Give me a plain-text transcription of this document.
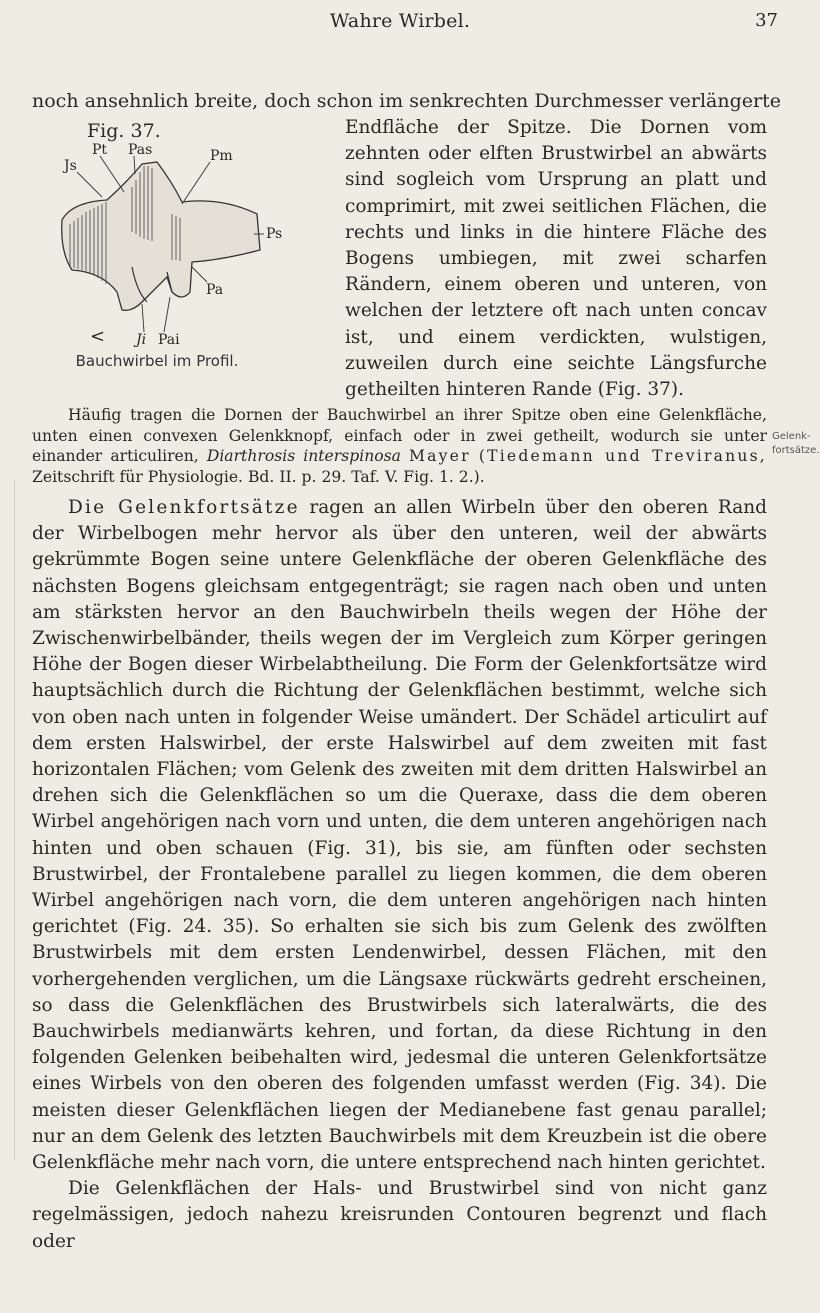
Wahre Wirbel.	37
noch ansehnlich breite, doch schon im senkrechten Durchmesser verlängerte
Fig. 37.
Pt Pas
Js
Pm
Ps
Pa
< Ji Pai
Bauchwirbel im Profil.
Endfläche der Spitze. Die Dornen vom zehnten oder elften Brustwirbel an abwärts sind sogleich vom Ursprung an platt und comprimirt, mit zwei seitlichen Flächen, die rechts und links in die hintere Fläche des Bogens umbiegen, mit zwei scharfen Rändern, einem oberen und unteren, von welchen der letztere oft nach unten concav ist, und einem verdickten, wulstigen, zuweilen durch eine seichte Längsfurche getheilten hinteren Rande (Fig. 37).

Häufig tragen die Dornen der Bauchwirbel an ihrer Spitze oben eine Gelenkfläche, unten einen convexen Gelenkknopf, einfach oder in zwei getheilt, wodurch sie unter einander articuliren, Diarthrosis interspinosa Mayer (Tiedemann und Treviranus, Zeitschrift für Physiologie. Bd. II. p. 29. Taf. V. Fig. 1. 2.).

Die Gelenkfortsätze ragen an allen Wirbeln über den oberen Rand der Wirbelbogen mehr hervor als über den unteren, weil der abwärts gekrümmte Bogen seine untere Gelenkfläche der oberen Gelenkfläche des nächsten Bogens gleichsam entgegenträgt; sie ragen nach oben und unten am stärksten hervor an den Bauchwirbeln theils wegen der Höhe der Zwischenwirbelbänder, theils wegen der im Vergleich zum Körper geringen Höhe der Bogen dieser Wirbelabtheilung. Die Form der Gelenkfortsätze wird hauptsächlich durch die Richtung der Gelenkflächen bestimmt, welche sich von oben nach unten in folgender Weise umändert. Der Schädel articulirt auf dem ersten Halswirbel, der erste Halswirbel auf dem zweiten mit fast horizontalen Flächen; vom Gelenk des zweiten mit dem dritten Halswirbel an drehen sich die Gelenkflächen so um die Queraxe, dass die dem oberen Wirbel angehörigen nach vorn und unten, die dem unteren angehörigen nach hinten und oben schauen (Fig. 31), bis sie, am fünften oder sechsten Brustwirbel, der Frontalebene parallel zu liegen kommen, die dem oberen Wirbel angehörigen nach vorn, die dem unteren angehörigen nach hinten gerichtet (Fig. 24. 35). So erhalten sie sich bis zum Gelenk des zwölften Brustwirbels mit dem ersten Lendenwirbel, dessen Flächen, mit den vorhergehenden verglichen, um die Längsaxe rückwärts gedreht erscheinen, so dass die Gelenkflächen des Brustwirbels sich lateralwärts, die des Bauchwirbels medianwärts kehren, und fortan, da diese Richtung in den folgenden Gelenken beibehalten wird, jedesmal die unteren Gelenkfortsätze eines Wirbels von den oberen des folgenden umfasst werden (Fig. 34). Die meisten dieser Gelenkflächen liegen der Medianebene fast genau parallel; nur an dem Gelenk des letzten Bauchwirbels mit dem Kreuzbein ist die obere Gelenkfläche mehr nach vorn, die untere entsprechend nach hinten gerichtet.

Die Gelenkflächen der Hals- und Brustwirbel sind von nicht ganz regelmässigen, jedoch nahezu kreisrunden Contouren begrenzt und flach oder

Gelenk-
fortsätze.
